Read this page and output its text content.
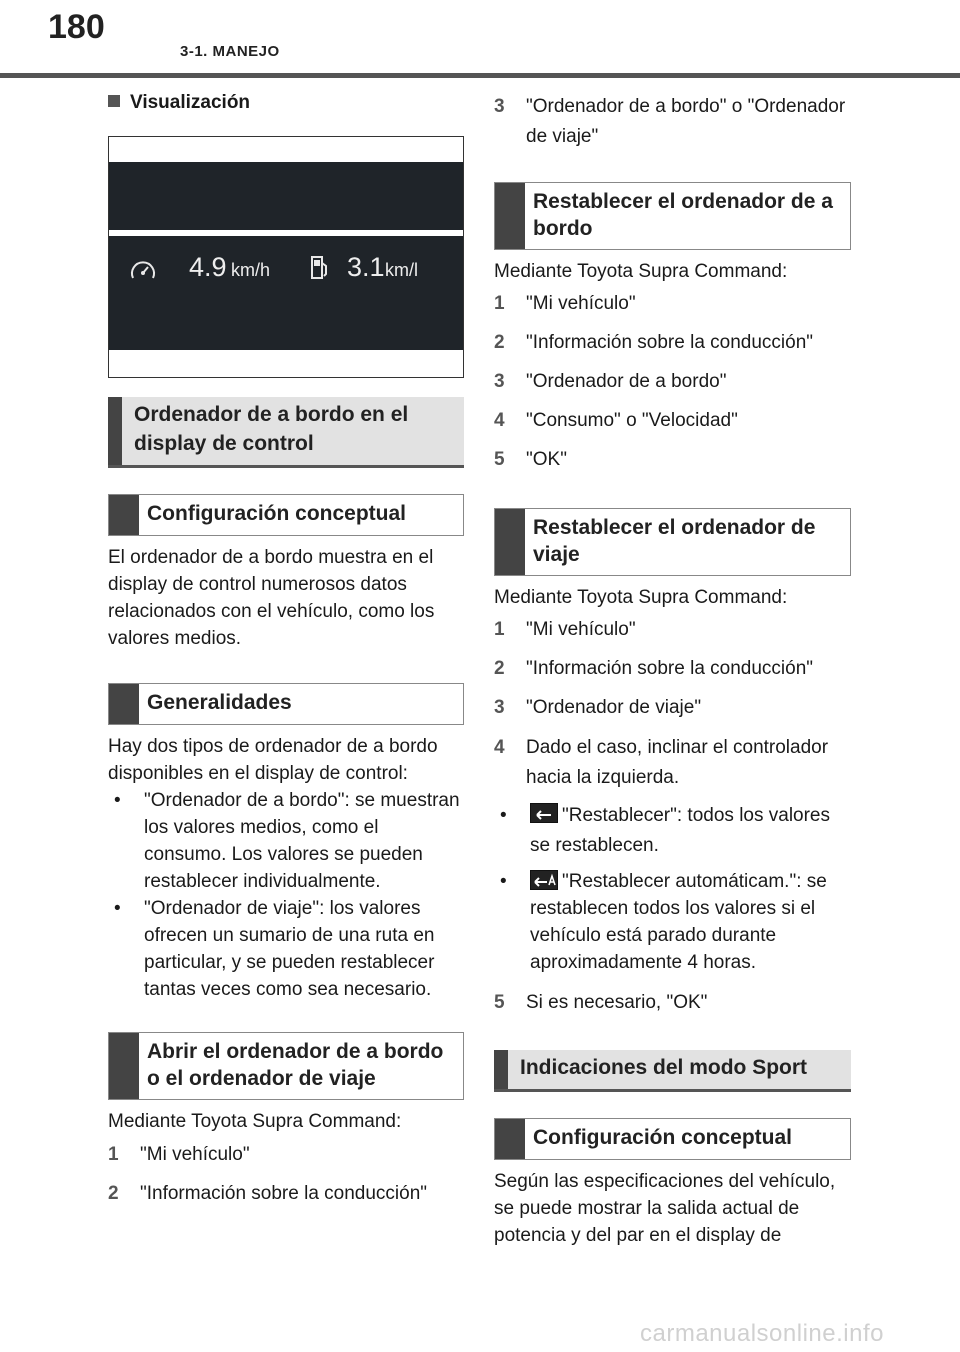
180
3-1. MANEJO
Visualización
4.9 km/h	3.1 km/l
Ordenador de a bordo en el display de control
Configuración conceptual

El ordenador de a bordo muestra en el display de control numerosos datos relacionados con el vehículo, como los valores medios.

Generalidades

Hay dos tipos de ordenador de a bordo disponibles en el display de control:

•	"Ordenador de a bordo": se muestran los valores medios, como el consumo. Los valores se pueden restablecer individualmente.
•	"Ordenador de viaje": los valores ofrecen un sumario de una ruta en particular, y se pueden restablecer tantas veces como sea necesario.
Abrir el ordenador de a bordo o el ordenador de viaje

Mediante Toyota Supra Command:

1 "Mi vehículo"
2 "Información sobre la conducción"
3 "Ordenador de a bordo" o "Ordenador de viaje"
Restablecer el ordenador de a bordo

Mediante Toyota Supra Command:

1 "Mi vehículo"
2 "Información sobre la conducción"
3 "Ordenador de a bordo"
4 "Consumo" o "Velocidad"
5 "OK"
Restablecer el ordenador de viaje

Mediante Toyota Supra Command:

1 "Mi vehículo"
2 "Información sobre la conducción"
3 "Ordenador de viaje"
4 Dado el caso, inclinar el controlador hacia la izquierda.
•	"Restablecer": todos los valores se restablecen.
•	"Restablecer automáticam.": se restablecen todos los valores si el vehículo está parado durante aproximadamente 4 horas.
5 Si es necesario, "OK"
Indicaciones del modo Sport
Configuración conceptual

Según las especificaciones del vehículo, se puede mostrar la salida actual de potencia y del par en el display de

carmanualsonline.info
